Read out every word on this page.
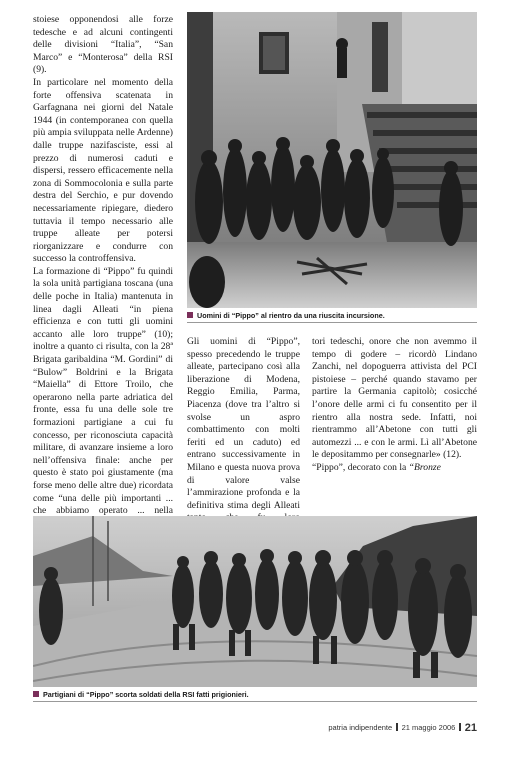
stoiese opponendosi alle forze tedesche e ad alcuni contingenti delle divisioni “Italia”, “San Marco” e “Monterosa” della RSI (9).

In particolare nel momento della forte offensiva scatenata in Garfagnana nei giorni del Natale 1944 (in contemporanea con quella più ampia sviluppata nelle Ardenne) dalle truppe nazifasciste, essi al prezzo di numerosi caduti e dispersi, ressero efficacemente nella zona di Sommocolonia e sulla parte destra del Serchio, e pur dovendo necessariamente ripiegare, diedero tuttavia il tempo necessario alle truppe alleate per potersi riorganizzare e condurre con successo la controffensiva.

La formazione di “Pippo” fu quindi la sola unità partigiana toscana (una delle poche in Italia) mantenuta in linea dagli Alleati “in piena efficienza e con tutti gli uomini accanto alle loro truppe” (10); inoltre a quanto ci risulta, con la 28ª Brigata garibaldina “M. Gordini” di “Bulow” Boldrini e la Brigata “Maiella” di Ettore Troilo, che operarono nella parte adriatica del fronte, essa fu una delle sole tre formazioni partigiane a cui fu concesso, per riconosciuta capacità militare, di avanzare insieme a loro nell’offensiva finale: anche per questo è stato poi giustamente (ma forse meno delle altre due) ricordata come “una delle più importanti ... che abbiamo operato ... nella

Uomini di “Pippo” al rientro da una riuscita incursione.

Gli uomini di “Pippo”, spesso precedendo le truppe alleate, partecipano così alla liberazione di Modena, Reggio Emilia, Parma, Piacenza (dove tra l’altro si svolse un aspro combattimento con molti feriti ed un caduto) ed entrano successivamente in Milano e questa nuova prova di valore valse l’ammirazione profonda e la definitiva stima degli Alleati

tori tedeschi, onore che non avemmo il tempo di godere – ricordò Lindano Zanchi, nel dopoguerra attivista del PCI pistoiese – perché quando stavamo per partire la Germania capitolò; cosicché l’onore delle armi ci fu consentito per il rientro alla nostra sede. Infatti, noi rientrammo all’Abetone con tutti gli automezzi ... e con le armi. Lì all’Abetone le depositammo per consegnarle» (12).

“Pippo”, decorato con la “Bronze

Partigiani di “Pippo” scorta soldati della RSI fatti prigionieri.
patria indipendente 21 maggio 2006 21
